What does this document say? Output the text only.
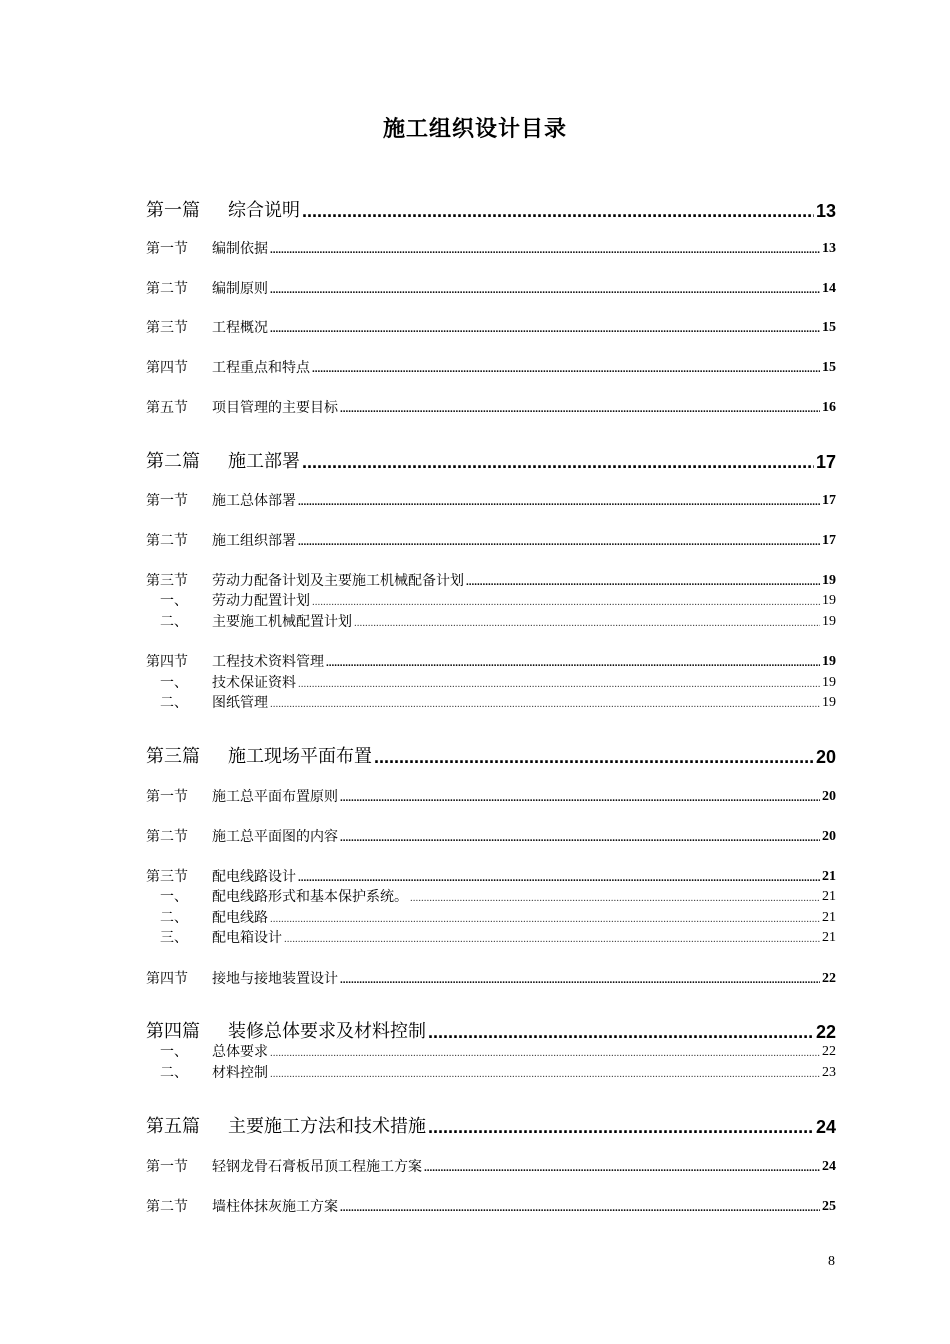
施工组织设计目录
第一篇	综合说明 .....	13
第一节	编制依据 .....	13
第二节	编制原则 .....	14
第三节	工程概况 .....	15
第四节	工程重点和特点 .....	15
第五节	项目管理的主要目标 .....	16
第二篇	施工部署 .....	17
第一节	施工总体部署 .....	17
第二节	施工组织部署 .....	17
第三节	劳动力配备计划及主要施工机械配备计划 .....	19
一、	劳动力配置计划 .....	19
二、	主要施工机械配置计划 .....	19
第四节	工程技术资料管理 .....	19
一、	技术保证资料 .....	19
二、	图纸管理 .....	19
第三篇	施工现场平面布置 .....	20
第一节	施工总平面布置原则 .....	20
第二节	施工总平面图的内容 .....	20
第三节	配电线路设计 .....	21
一、	配电线路形式和基本保护系统。 .....	21
二、	配电线路 .....	21
三、	配电箱设计 .....	21
第四节	接地与接地装置设计 .....	22
第四篇	装修总体要求及材料控制 .....	22
一、	总体要求 .....	22
二、	材料控制 .....	23
第五篇	主要施工方法和技术措施 .....	24
第一节	轻钢龙骨石膏板吊顶工程施工方案 .....	24
第二节	墙柱体抹灰施工方案 .....	25
8
